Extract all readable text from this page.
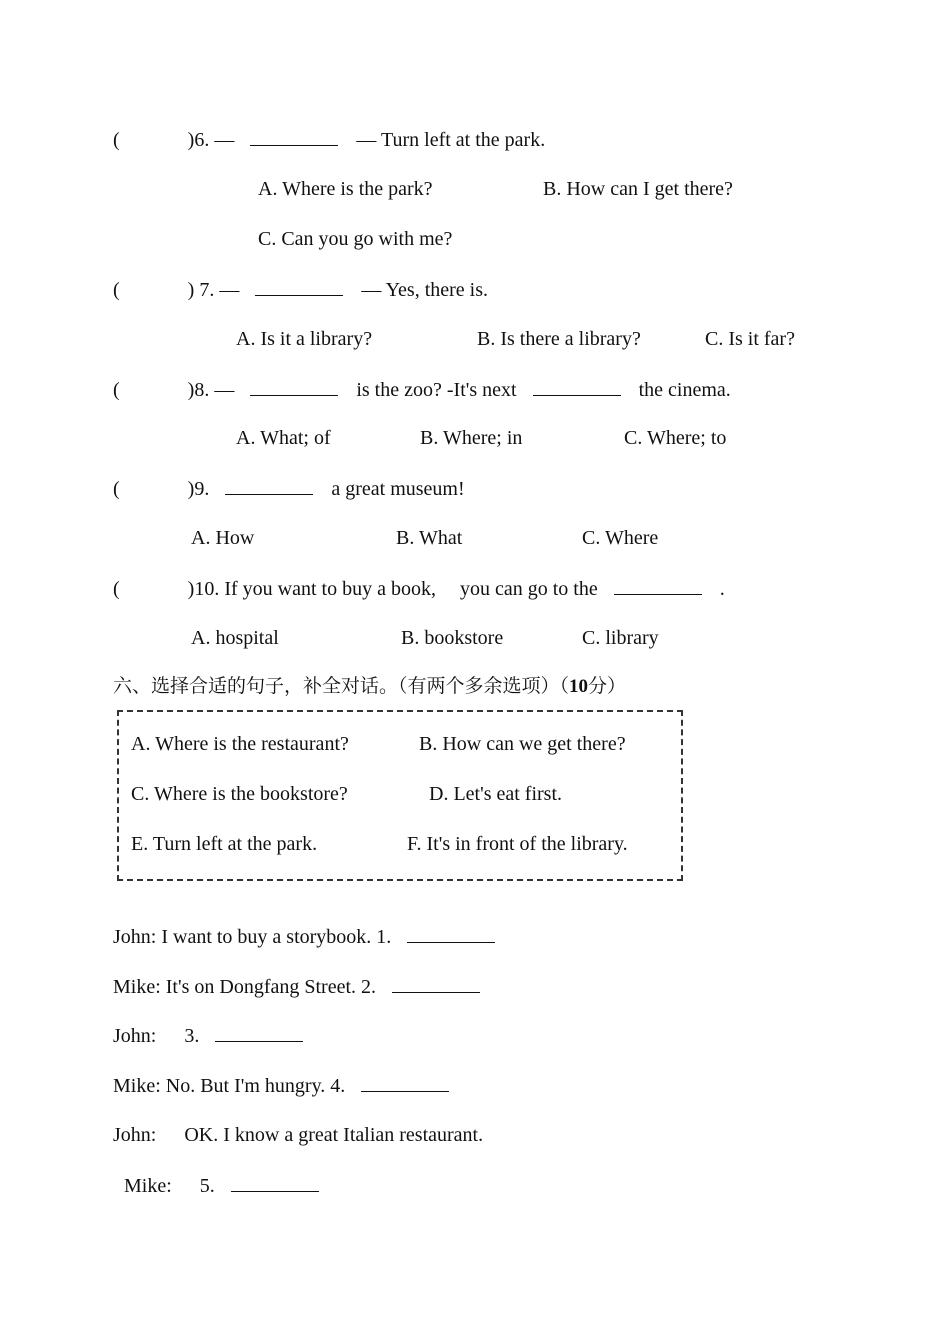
(	)6. —	— Turn left at the park.
A. Where is the park?	B. How can I get there?
C. Can you go with me?
(	) 7. —	— Yes, there is.
A. Is it a library?	B. Is there a library?	C. Is it far?
(	)8. —	is the zoo? -It's next	the cinema.
A. What; of	B. Where; in	C. Where; to
(	)9.	a great museum!
A. How	B. What	C. Where
(	)10. If you want to buy a book, you can go to the	.
A. hospital	B. bookstore	C. library
六、选择合适的句子，补全对话。（有两个多余选项）（10分）
A. Where is the restaurant?	B. How can we get there?
C. Where is the bookstore?	D. Let's eat first.
E. Turn left at the park.	F. It's in front of the library.
John: I want to buy a storybook. 1.
Mike: It's on Dongfang Street. 2.
John: 3.
Mike: No. But I'm hungry. 4.
John: OK. I know a great Italian restaurant.
Mike: 5.
